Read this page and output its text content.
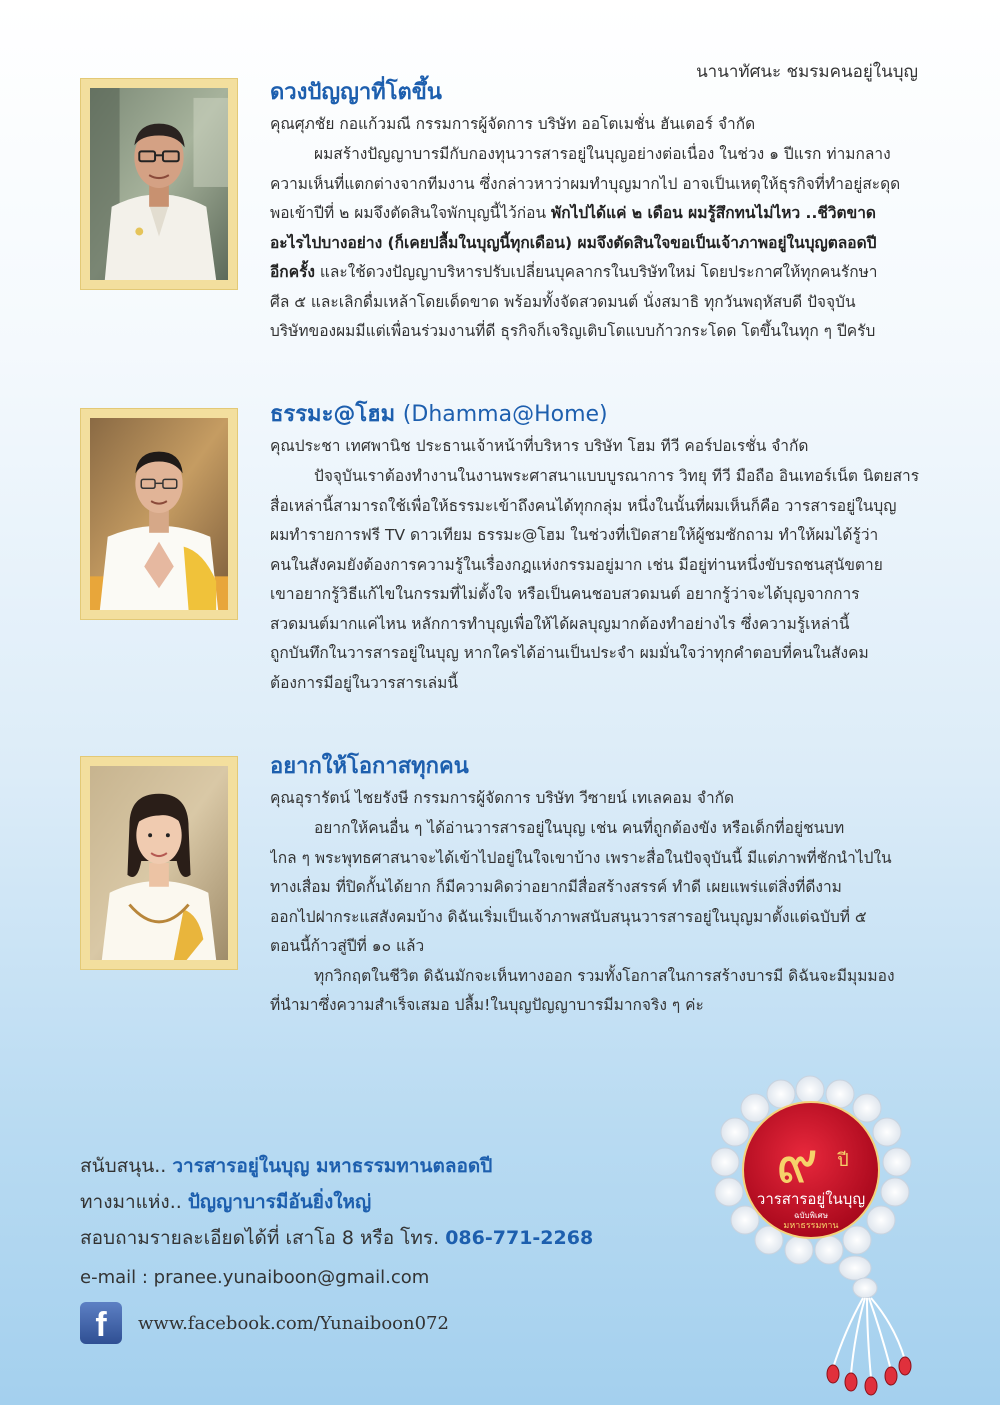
นานาทัศนะ ชมรมคนอยู่ในบุญ
ดวงปัญญาที่โตขึ้น
คุณศุภชัย กอแก้วมณี กรรมการผู้จัดการ บริษัท ออโตเมชั่น ฮันเตอร์ จำกัด
ผมสร้างปัญญาบารมีกับกองทุนวารสารอยู่ในบุญอย่างต่อเนื่อง ในช่วง ๑ ปีแรก ท่ามกลาง
ความเห็นที่แตกต่างจากทีมงาน ซึ่งกล่าวหาว่าผมทำบุญมากไป อาจเป็นเหตุให้ธุรกิจที่ทำอยู่สะดุด
พอเข้าปีที่ ๒ ผมจึงตัดสินใจพักบุญนี้ไว้ก่อน พักไปได้แค่ ๒ เดือน ผมรู้สึกทนไม่ไหว ..ชีวิตขาด
อะไรไปบางอย่าง (ก็เคยปลื้มในบุญนี้ทุกเดือน) ผมจึงตัดสินใจขอเป็นเจ้าภาพอยู่ในบุญตลอดปี
อีกครั้ง และใช้ดวงปัญญาบริหารปรับเปลี่ยนบุคลากรในบริษัทใหม่ โดยประกาศให้ทุกคนรักษา
ศีล ๕ และเลิกดื่มเหล้าโดยเด็ดขาด พร้อมทั้งจัดสวดมนต์ นั่งสมาธิ ทุกวันพฤหัสบดี ปัจจุบัน
บริษัทของผมมีแต่เพื่อนร่วมงานที่ดี ธุรกิจก็เจริญเติบโตแบบก้าวกระโดด โตขึ้นในทุก ๆ ปีครับ
ธรรมะ@โฮม (Dhamma@Home)
คุณประชา เทศพานิช ประธานเจ้าหน้าที่บริหาร บริษัท โฮม ทีวี คอร์ปอเรชั่น จำกัด
ปัจจุบันเราต้องทำงานในงานพระศาสนาแบบบูรณาการ วิทยุ ทีวี มือถือ อินเทอร์เน็ต นิตยสาร
สื่อเหล่านี้สามารถใช้เพื่อให้ธรรมะเข้าถึงคนได้ทุกกลุ่ม หนึ่งในนั้นที่ผมเห็นก็คือ วารสารอยู่ในบุญ
ผมทำรายการฟรี TV ดาวเทียม ธรรมะ@โฮม ในช่วงที่เปิดสายให้ผู้ชมซักถาม ทำให้ผมได้รู้ว่า
คนในสังคมยังต้องการความรู้ในเรื่องกฎแห่งกรรมอยู่มาก เช่น มีอยู่ท่านหนึ่งขับรถชนสุนัขตาย
เขาอยากรู้วิธีแก้ไขในกรรมที่ไม่ตั้งใจ หรือเป็นคนชอบสวดมนต์ อยากรู้ว่าจะได้บุญจากการ
สวดมนต์มากแค่ไหน หลักการทำบุญเพื่อให้ได้ผลบุญมากต้องทำอย่างไร ซึ่งความรู้เหล่านี้
ถูกบันทึกในวารสารอยู่ในบุญ หากใครได้อ่านเป็นประจำ ผมมั่นใจว่าทุกคำตอบที่คนในสังคม
ต้องการมีอยู่ในวารสารเล่มนี้
อยากให้โอกาสทุกคน
คุณอุรารัตน์ ไชยรังษี กรรมการผู้จัดการ บริษัท วีซายน์ เทเลคอม จำกัด
อยากให้คนอื่น ๆ ได้อ่านวารสารอยู่ในบุญ เช่น คนที่ถูกต้องขัง หรือเด็กที่อยู่ชนบท
ไกล ๆ พระพุทธศาสนาจะได้เข้าไปอยู่ในใจเขาบ้าง เพราะสื่อในปัจจุบันนี้ มีแต่ภาพที่ชักนำไปใน
ทางเสื่อม ที่ปิดกั้นได้ยาก ก็มีความคิดว่าอยากมีสื่อสร้างสรรค์ ทำดี เผยแพร่แต่สิ่งที่ดีงาม
ออกไปฝากระแสสังคมบ้าง ดิฉันเริ่มเป็นเจ้าภาพสนับสนุนวารสารอยู่ในบุญมาตั้งแต่ฉบับที่ ๕
ตอนนี้ก้าวสู่ปีที่ ๑๐ แล้ว
ทุกวิกฤตในชีวิต ดิฉันมักจะเห็นทางออก รวมทั้งโอกาสในการสร้างบารมี ดิฉันจะมีมุมมอง
ที่นำมาซึ่งความสำเร็จเสมอ ปลื้ม!ในบุญปัญญาบารมีมากจริง ๆ ค่ะ
สนับสนุน.. วารสารอยู่ในบุญ มหาธรรมทานตลอดปี
ทางมาแห่ง.. ปัญญาบารมีอันยิ่งใหญ่
สอบถามรายละเอียดได้ที่ เสาโอ 8 หรือ โทร. 086-771-2268
e-mail : pranee.yunaiboon@gmail.com
f	www.facebook.com/Yunaiboon072
๙ ปี
วารสารอยู่ในบุญ
ฉบับพิเศษ
มหาธรรมทาน
